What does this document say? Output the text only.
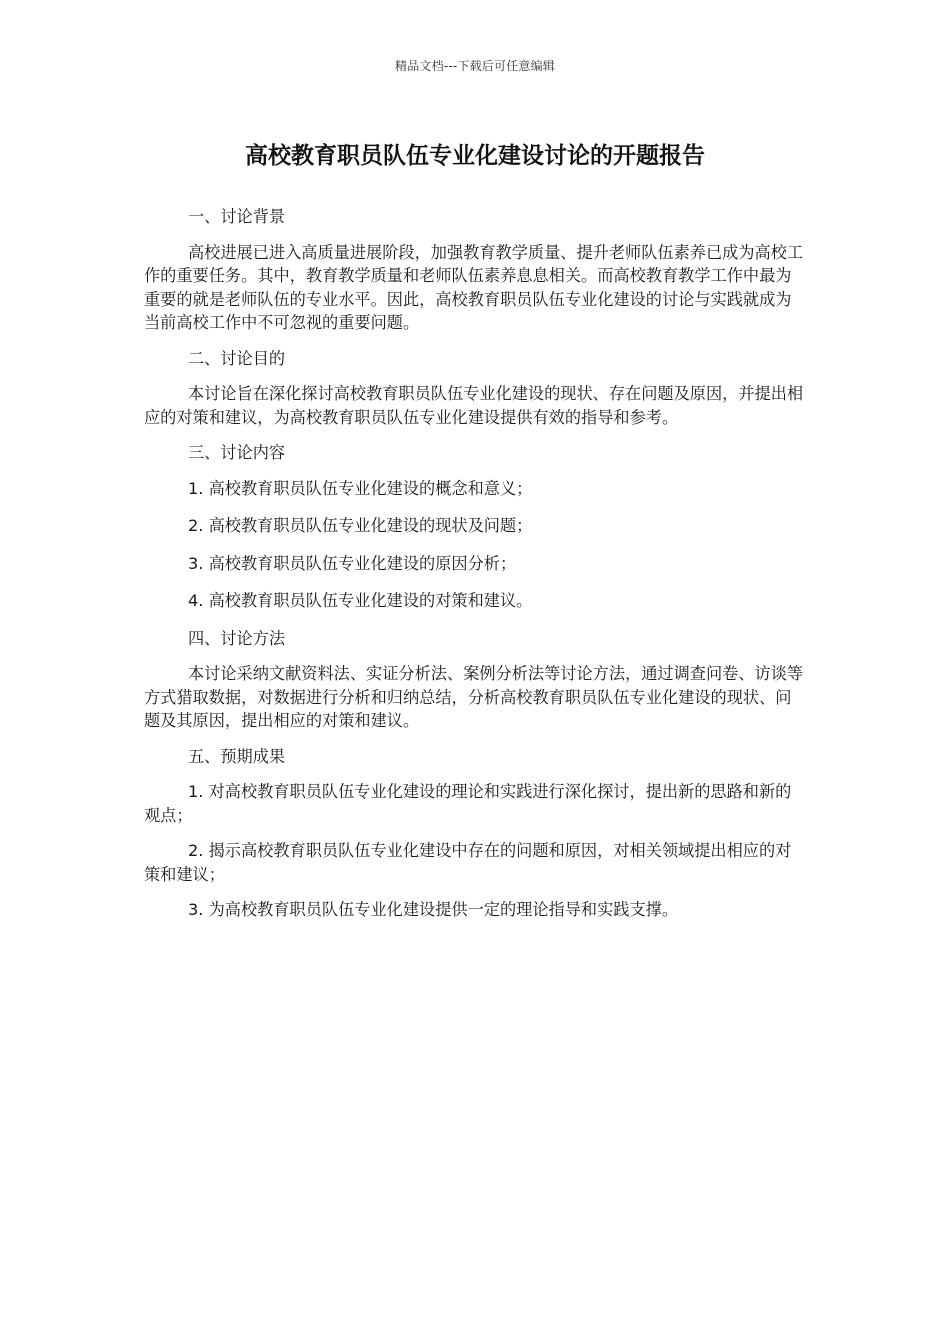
精品文档---下载后可任意编辑
高校教育职员队伍专业化建设讨论的开题报告

一、讨论背景

高校进展已进入高质量进展阶段，加强教育教学质量、提升老师队伍素养已成为高校工作的重要任务。其中，教育教学质量和老师队伍素养息息相关。而高校教育教学工作中最为重要的就是老师队伍的专业水平。因此，高校教育职员队伍专业化建设的讨论与实践就成为当前高校工作中不可忽视的重要问题。

二、讨论目的

本讨论旨在深化探讨高校教育职员队伍专业化建设的现状、存在问题及原因，并提出相应的对策和建议，为高校教育职员队伍专业化建设提供有效的指导和参考。

三、讨论内容

1. 高校教育职员队伍专业化建设的概念和意义；

2. 高校教育职员队伍专业化建设的现状及问题；

3. 高校教育职员队伍专业化建设的原因分析；

4. 高校教育职员队伍专业化建设的对策和建议。

四、讨论方法

本讨论采纳文献资料法、实证分析法、案例分析法等讨论方法，通过调查问卷、访谈等方式猎取数据，对数据进行分析和归纳总结，分析高校教育职员队伍专业化建设的现状、问题及其原因，提出相应的对策和建议。

五、预期成果

1. 对高校教育职员队伍专业化建设的理论和实践进行深化探讨，提出新的思路和新的观点；

2. 揭示高校教育职员队伍专业化建设中存在的问题和原因，对相关领域提出相应的对策和建议；

3. 为高校教育职员队伍专业化建设提供一定的理论指导和实践支撑。
